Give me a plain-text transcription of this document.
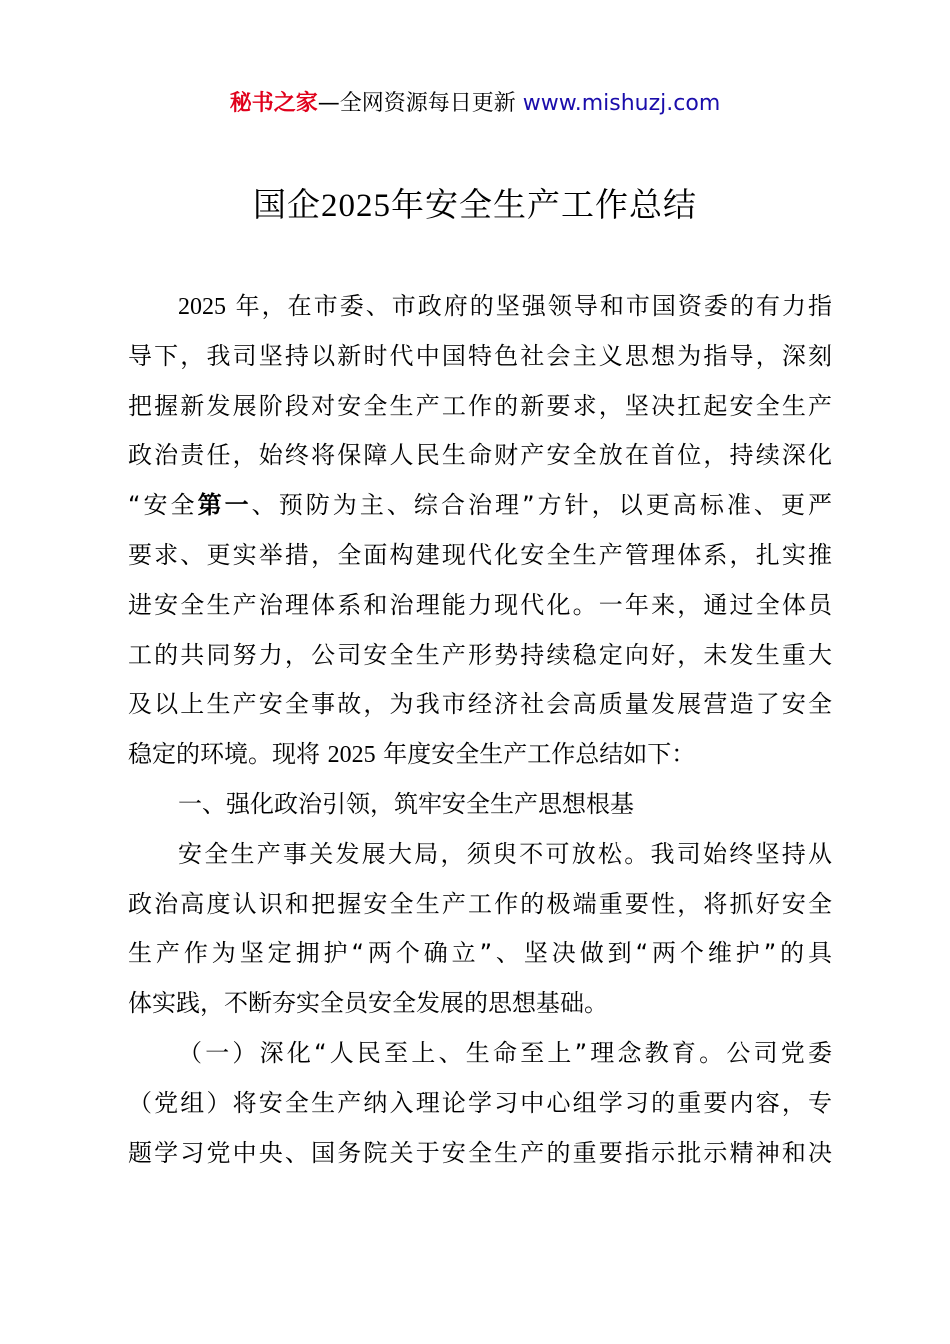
秘书之家—全网资源每日更新 www.mishuzj.com
国企2025年安全生产工作总结
2025 年，在市委、市政府的坚强领导和市国资委的有力指
导下，我司坚持以新时代中国特色社会主义思想为指导，深刻
把握新发展阶段对安全生产工作的新要求，坚决扛起安全生产
政治责任，始终将保障人民生命财产安全放在首位，持续深化
“安全第一、预防为主、综合治理”方针，以更高标准、更严
要求、更实举措，全面构建现代化安全生产管理体系，扎实推
进安全生产治理体系和治理能力现代化。一年来，通过全体员
工的共同努力，公司安全生产形势持续稳定向好，未发生重大
及以上生产安全事故，为我市经济社会高质量发展营造了安全
稳定的环境。现将 2025 年度安全生产工作总结如下：
一、强化政治引领，筑牢安全生产思想根基
安全生产事关发展大局，须臾不可放松。我司始终坚持从
政治高度认识和把握安全生产工作的极端重要性，将抓好安全
生产作为坚定拥护“两个确立”、坚决做到“两个维护”的具
体实践，不断夯实全员安全发展的思想基础。
（一）深化“人民至上、生命至上”理念教育。公司党委
（党组）将安全生产纳入理论学习中心组学习的重要内容，专
题学习党中央、国务院关于安全生产的重要指示批示精神和决
